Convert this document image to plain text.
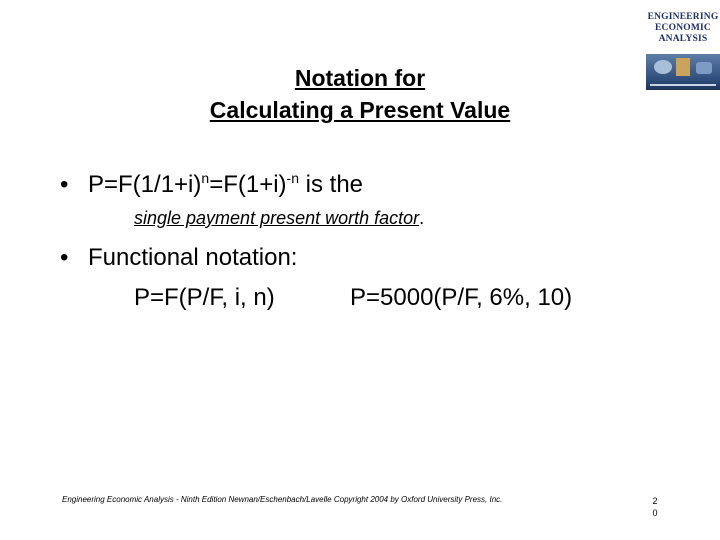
ENGINEERING
ECONOMIC
ANALYSIS
Notation for
Calculating a Present Value
• $P=F(1/1+i)^n=F(1+i)^{-n}$ is the
single payment present worth factor.
• Functional notation:
P=F(P/F, i, n)	P=5000(P/F, 6%, 10)
Engineering Economic Analysis - Ninth Edition Newnan/Eschenbach/Lavelle Copyright 2004 by Oxford University Press, Inc.	2
0
